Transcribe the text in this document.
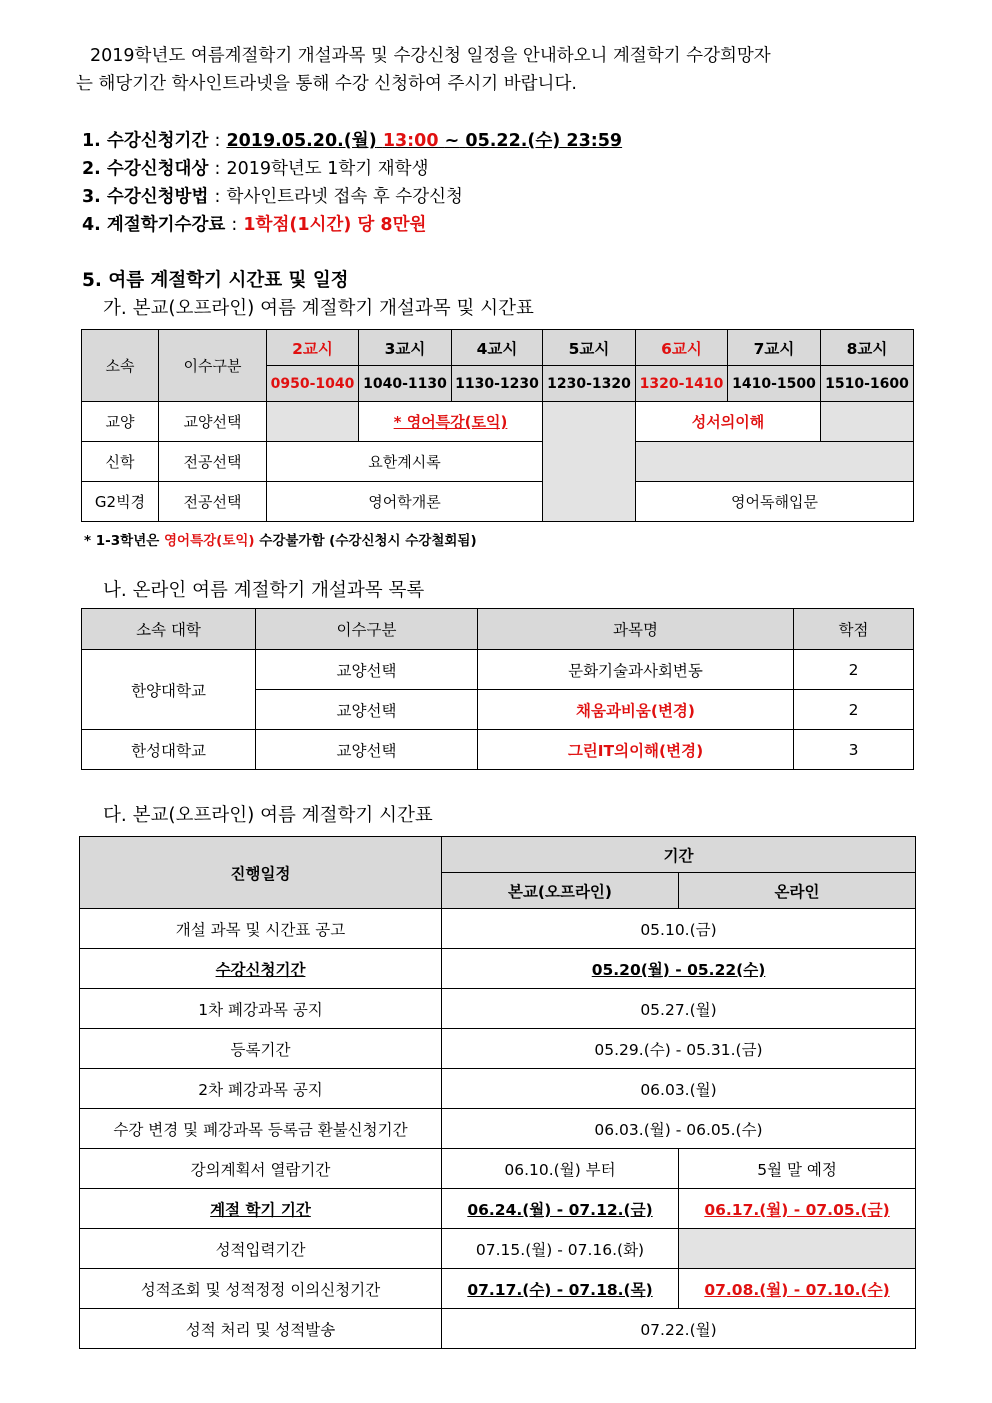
2019학년도 여름계절학기 개설과목 및 수강신청 일정을 안내하오니 계절학기 수강희망자

는 해당기간 학사인트라넷을 통해 수강 신청하여 주시기 바랍니다.

1. 수강신청기간 : 2019.05.20.(월) 13:00 ~ 05.22.(수) 23:59
2. 수강신청대상 : 2019학년도 1학기 재학생
3. 수강신청방법 : 학사인트라넷 접속 후 수강신청
4. 계절학기수강료 : 1학점(1시간) 당 8만원
5. 여름 계절학기 시간표 및 일정
가. 본교(오프라인) 여름 계절학기 개설과목 및 시간표
소속	이수구분	2교시	3교시	4교시	5교시	6교시	7교시	8교시
		0950-1040	1040-1130	1130-1230	1230-1320	1320-1410	1410-1500	1510-1600
교양	교양선택		* 영어특강(토익)			성서의이해		
신학	전공선택	요한계시록						
G2빅경	전공선택	영어학개론				영어독해입문		
* 1-3학년은 영어특강(토익) 수강불가함 (수강신청시 수강철회됨)
나. 온라인 여름 계절학기 개설과목 목록
소속 대학	이수구분	과목명	학점
한양대학교	교양선택	문화기술과사회변동	2
	교양선택	채움과비움(변경)	2
한성대학교	교양선택	그린IT의이해(변경)	3
다. 본교(오프라인) 여름 계절학기 시간표
진행일정	기간	
	본교(오프라인)	온라인
개설 과목 및 시간표 공고	05.10.(금)	
수강신청기간	05.20(월) - 05.22(수)	
1차 폐강과목 공지	05.27.(월)	
등록기간	05.29.(수) - 05.31.(금)	
2차 폐강과목 공지	06.03.(월)	
수강 변경 및 폐강과목 등록금 환불신청기간	06.03.(월) - 06.05.(수)	
강의계획서 열람기간	06.10.(월) 부터	5월 말 예정
계절 학기 기간	06.24.(월) - 07.12.(금)	06.17.(월) - 07.05.(금)
성적입력기간	07.15.(월) - 07.16.(화)	
성적조회 및 성적정정 이의신청기간	07.17.(수) - 07.18.(목)	07.08.(월) - 07.10.(수)
성적 처리 및 성적발송	07.22.(월)	
